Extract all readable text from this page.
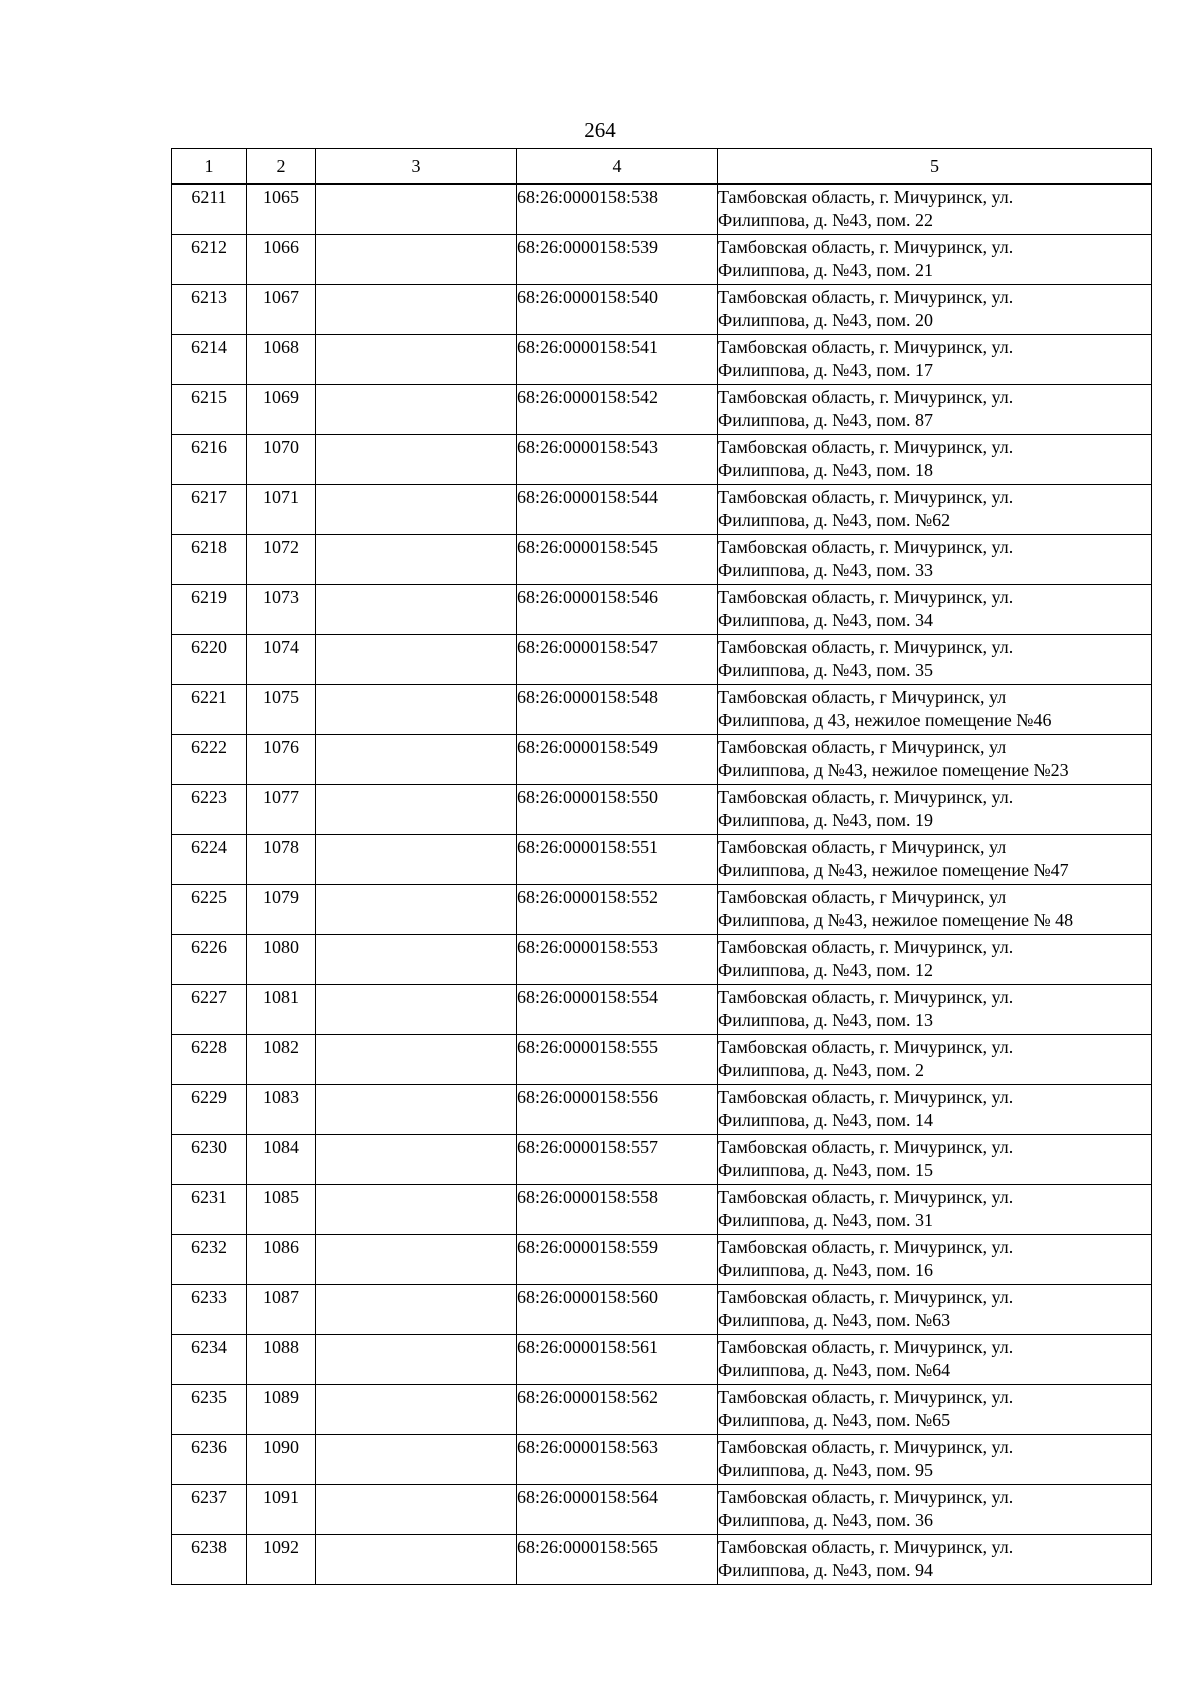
264
1	2	3	4	5
6211	1065		68:26:0000158:538	Тамбовская область, г. Мичуринск, ул.
Филиппова, д. №43, пом. 22

6212	1066		68:26:0000158:539	Тамбовская область, г. Мичуринск, ул.
Филиппова, д. №43, пом. 21

6213	1067		68:26:0000158:540	Тамбовская область, г. Мичуринск, ул.
Филиппова, д. №43, пом. 20

6214	1068		68:26:0000158:541	Тамбовская область, г. Мичуринск, ул.
Филиппова, д. №43, пом. 17

6215	1069		68:26:0000158:542	Тамбовская область, г. Мичуринск, ул.
Филиппова, д. №43, пом. 87

6216	1070		68:26:0000158:543	Тамбовская область, г. Мичуринск, ул.
Филиппова, д. №43, пом. 18

6217	1071		68:26:0000158:544	Тамбовская область, г. Мичуринск, ул.
Филиппова, д. №43, пом. №62

6218	1072		68:26:0000158:545	Тамбовская область, г. Мичуринск, ул.
Филиппова, д. №43, пом. 33

6219	1073		68:26:0000158:546	Тамбовская область, г. Мичуринск, ул.
Филиппова, д. №43, пом. 34

6220	1074		68:26:0000158:547	Тамбовская область, г. Мичуринск, ул.
Филиппова, д. №43, пом. 35

6221	1075		68:26:0000158:548	Тамбовская область, г Мичуринск, ул
Филиппова, д 43, нежилое помещение №46

6222	1076		68:26:0000158:549	Тамбовская область, г Мичуринск, ул
Филиппова, д №43, нежилое помещение №23

6223	1077		68:26:0000158:550	Тамбовская область, г. Мичуринск, ул.
Филиппова, д. №43, пом. 19

6224	1078		68:26:0000158:551	Тамбовская область, г Мичуринск, ул
Филиппова, д №43, нежилое помещение №47

6225	1079		68:26:0000158:552	Тамбовская область, г Мичуринск, ул
Филиппова, д №43, нежилое помещение № 48

6226	1080		68:26:0000158:553	Тамбовская область, г. Мичуринск, ул.
Филиппова, д. №43, пом. 12

6227	1081		68:26:0000158:554	Тамбовская область, г. Мичуринск, ул.
Филиппова, д. №43, пом. 13

6228	1082		68:26:0000158:555	Тамбовская область, г. Мичуринск, ул.
Филиппова, д. №43, пом. 2

6229	1083		68:26:0000158:556	Тамбовская область, г. Мичуринск, ул.
Филиппова, д. №43, пом. 14

6230	1084		68:26:0000158:557	Тамбовская область, г. Мичуринск, ул.
Филиппова, д. №43, пом. 15

6231	1085		68:26:0000158:558	Тамбовская область, г. Мичуринск, ул.
Филиппова, д. №43, пом. 31

6232	1086		68:26:0000158:559	Тамбовская область, г. Мичуринск, ул.
Филиппова, д. №43, пом. 16

6233	1087		68:26:0000158:560	Тамбовская область, г. Мичуринск, ул.
Филиппова, д. №43, пом. №63

6234	1088		68:26:0000158:561	Тамбовская область, г. Мичуринск, ул.
Филиппова, д. №43, пом. №64

6235	1089		68:26:0000158:562	Тамбовская область, г. Мичуринск, ул.
Филиппова, д. №43, пом. №65

6236	1090		68:26:0000158:563	Тамбовская область, г. Мичуринск, ул.
Филиппова, д. №43, пом. 95

6237	1091		68:26:0000158:564	Тамбовская область, г. Мичуринск, ул.
Филиппова, д. №43, пом. 36

6238	1092		68:26:0000158:565	Тамбовская область, г. Мичуринск, ул.
Филиппова, д. №43, пом. 94
